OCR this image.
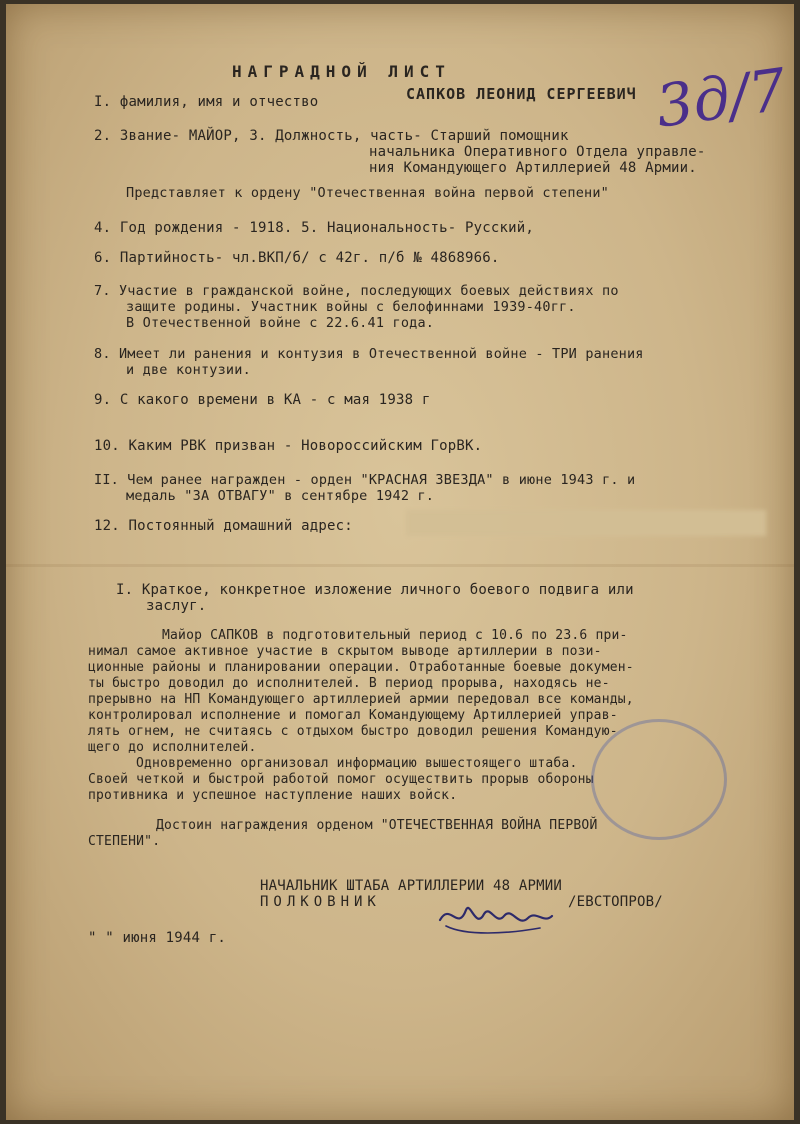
НАГРАДНОЙ ЛИСТ
I. фамилия, имя и отчество	САПКОВ ЛЕОНИД СЕРГЕЕВИЧ
2. Звание- МАЙОР, 3. Должность, часть- Старший помощник
начальника Оперативного Отдела управле-
ния Командующего Артиллерией 48 Армии.
Представляет к ордену "Отечественная война первой степени"
4. Год рождения - 1918. 5. Национальность- Русский,
6. Партийность- чл.ВКП/б/ с 42г. п/б № 4868966.
7. Участие в гражданской войне, последующих боевых действиях по
защите родины. Участник войны с белофиннами 1939-40гг.
В Отечественной войне с 22.6.41 года.
8. Имеет ли ранения и контузия в Отечественной войне - ТРИ ранения
и две контузии.
9. С какого времени в КА - с мая 1938 г
10. Каким РВК призван - Новороссийским ГорВК.
II. Чем ранее награжден - орден "КРАСНАЯ ЗВЕЗДА" в июне 1943 г. и
медаль "ЗА ОТВАГУ" в сентябре 1942 г.
12. Постоянный домашний адрес:
I. Краткое, конкретное изложение личного боевого подвига или
заслуг.
Майор САПКОВ в подготовительный период с 10.6 по 23.6 при-
нимал самое активное участие в скрытом выводе артиллерии в пози-
ционные районы и планировании операции. Отработанные боевые докумен-
ты быстро доводил до исполнителей. В период прорыва, находясь не-
прерывно на НП Командующего артиллерией армии передовал все команды,
контролировал исполнение и помогал Командующему Артиллерией управ-
лять огнем, не считаясь с отдыхом быстро доводил решения Командую-
щего до исполнителей.
Одновременно организовал информацию вышестоящего штаба.
Своей четкой и быстрой работой помог осуществить прорыв обороны
противника и успешное наступление наших войск.
Достоин награждения орденом "ОТЕЧЕСТВЕННАЯ ВОЙНА ПЕРВОЙ
СТЕПЕНИ".
НАЧАЛЬНИК ШТАБА АРТИЛЛЕРИИ 48 АРМИИ
ПОЛКОВНИК	/ЕВСТОПРОВ/
" " июня 1944 г.
3д/7
